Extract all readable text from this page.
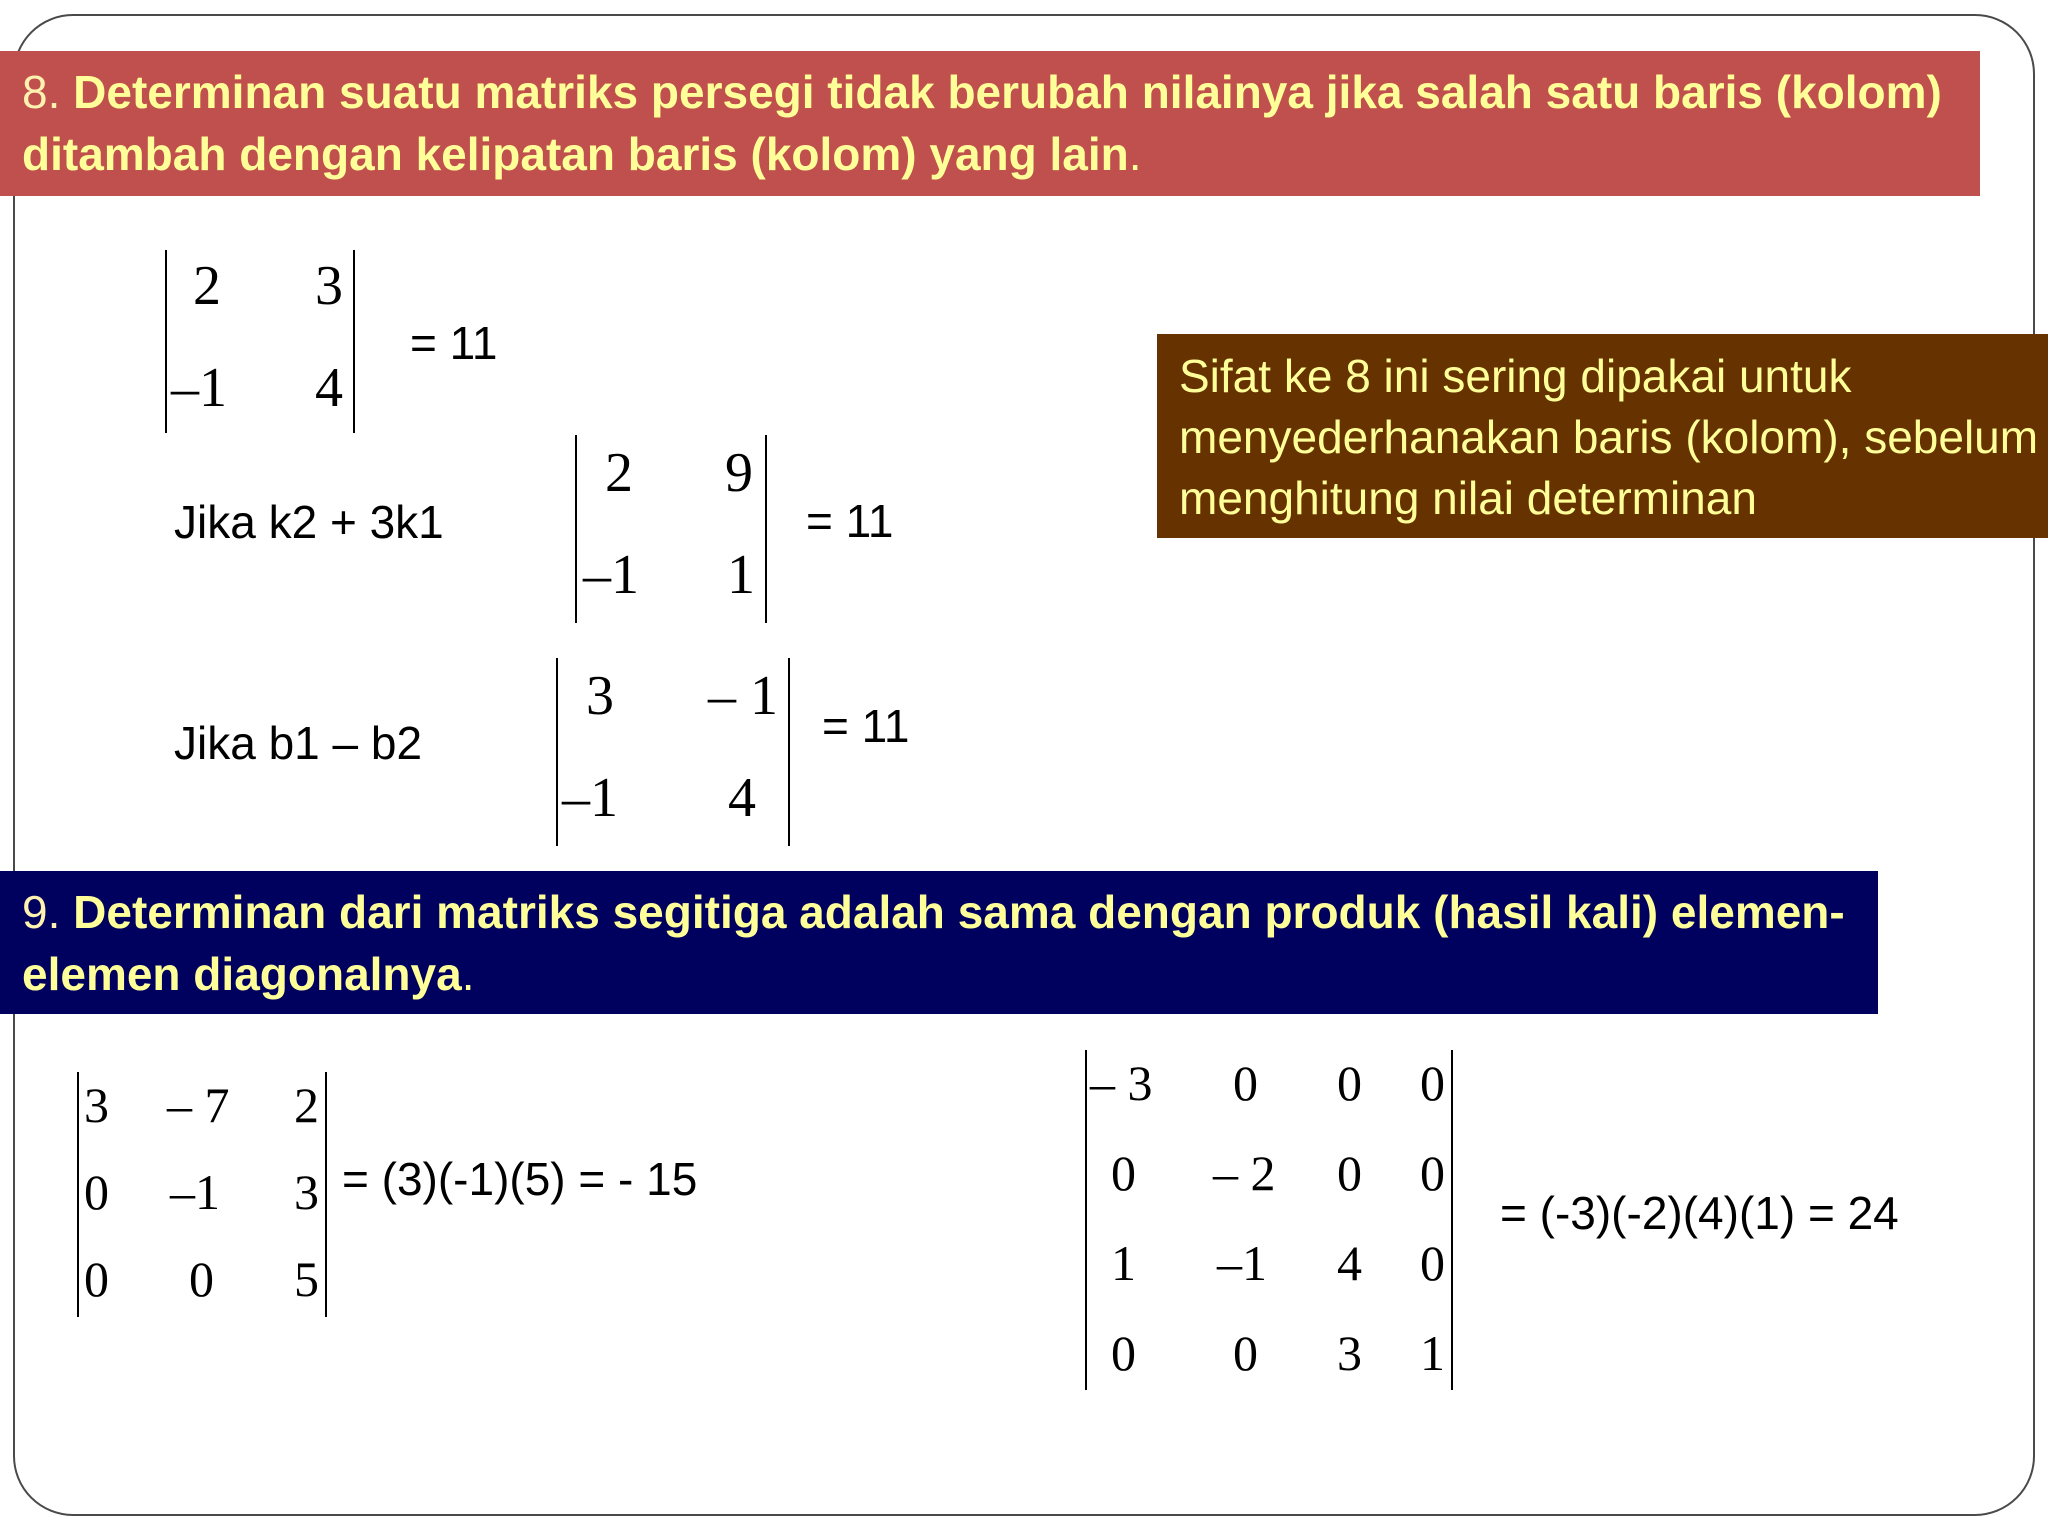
8. Determinan suatu matriks persegi tidak berubah nilainya jika salah satu baris (kolom) ditambah dengan kelipatan baris (kolom) yang lain.
2 3
–1 4
= 11
Sifat ke 8 ini sering dipakai untuk menyederhanakan baris (kolom), sebelum menghitung nilai determinan
Jika k2 + 3k1
2 9
–1 1
= 11
Jika b1 – b2
3 – 1
–1 4
= 11
9. Determinan dari matriks segitiga adalah sama dengan produk (hasil kali) elemen-elemen diagonalnya.
3 – 7 2
0 –1 3
0 0 5
= (3)(-1)(5) = - 15
– 3 0 0 0
0 – 2 0 0
1 –1 4 0
0 0 3 1
= (-3)(-2)(4)(1) = 24
